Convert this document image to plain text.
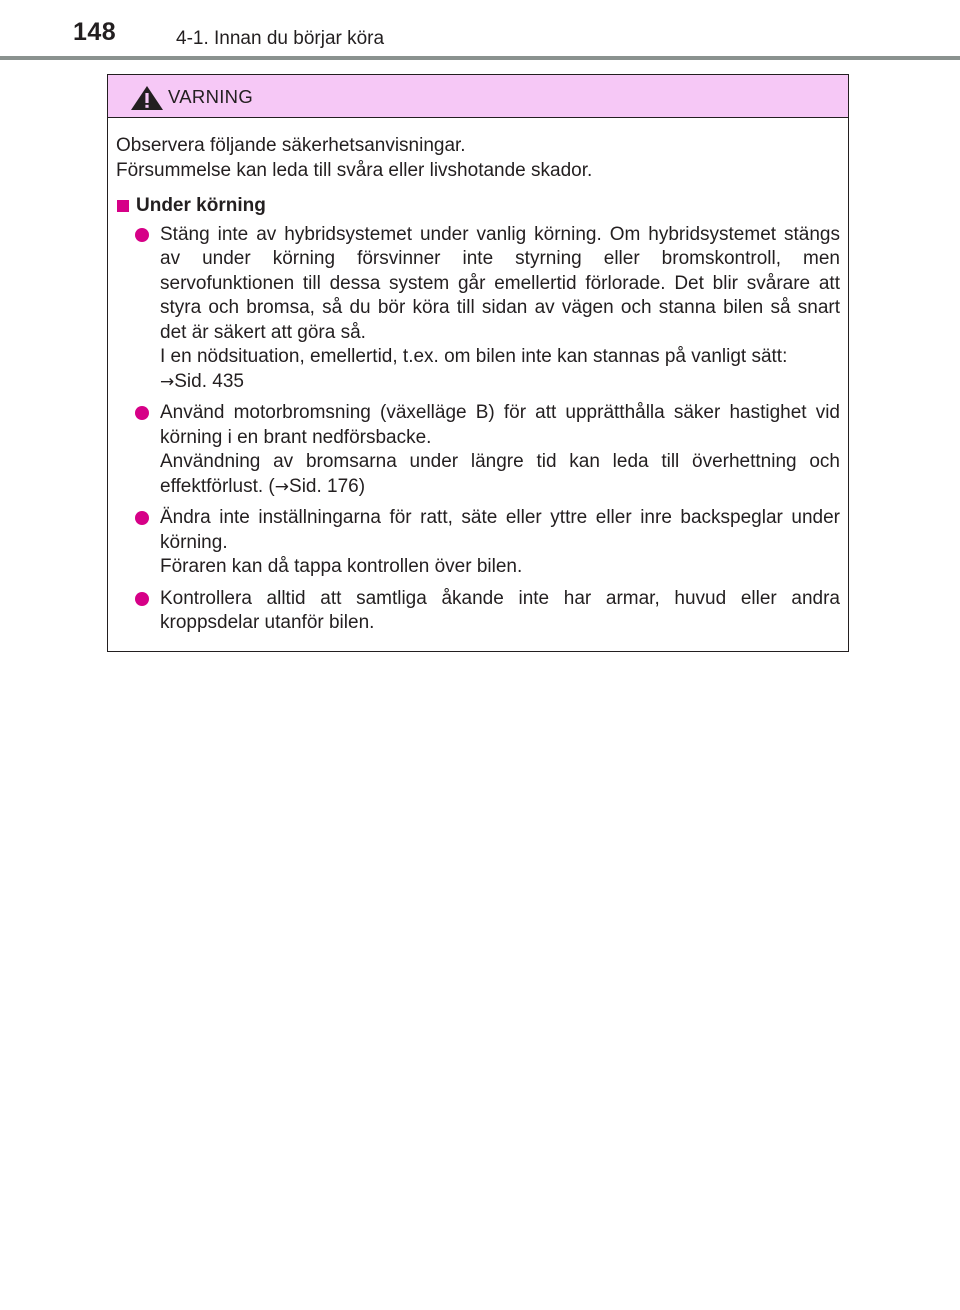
148	4-1. Innan du börjar köra
VARNING
Observera följande säkerhetsanvisningar.
Försummelse kan leda till svåra eller livshotande skador.
Under körning
Stäng inte av hybridsystemet under vanlig körning. Om hybridsystemet stängs av under körning försvinner inte styrning eller bromskontroll, men servofunktionen till dessa system går emellertid förlorade. Det blir svårare att styra och bromsa, så du bör köra till sidan av vägen och stanna bilen så snart det är säkert att göra så.
I en nödsituation, emellertid, t.ex. om bilen inte kan stannas på vanligt sätt:
→Sid. 435
Använd motorbromsning (växelläge B) för att upprätthålla säker hastighet vid körning i en brant nedförsbacke.
Användning av bromsarna under längre tid kan leda till överhettning och effektförlust. (→Sid. 176)
Ändra inte inställningarna för ratt, säte eller yttre eller inre backspeglar under körning.
Föraren kan då tappa kontrollen över bilen.
Kontrollera alltid att samtliga åkande inte har armar, huvud eller andra kroppsdelar utanför bilen.
